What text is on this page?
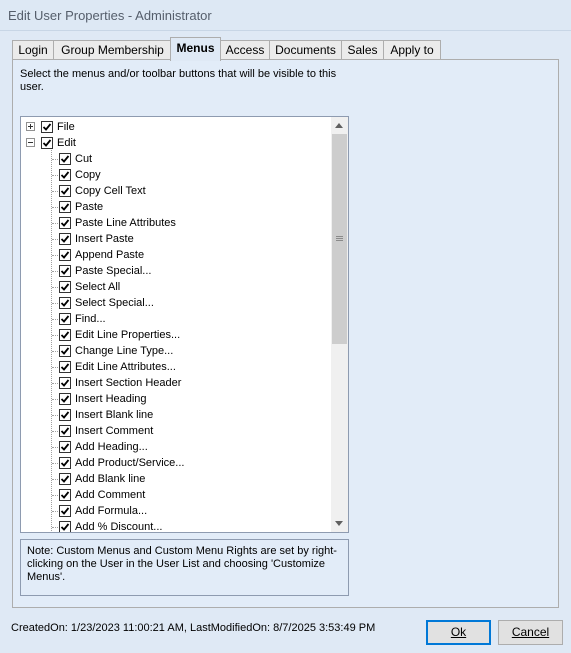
Edit User Properties - Administrator
Login	Group Membership	Menus Access Documents Sales	Apply to
Select the menus and/or toolbar buttons that will be visible to this user.
File
Edit
Cut
Copy
Copy Cell Text
Paste
Paste Line Attributes
Insert Paste
Append Paste
Paste Special...
Select All
Select Special...
Find...
Edit Line Properties...
Change Line Type...
Edit Line Attributes...
Insert Section Header
Insert Heading
Insert Blank line
Insert Comment
Add Heading...
Add Product/Service...
Add Blank line
Add Comment
Add Formula...
Add % Discount...
Note: Custom Menus and Custom Menu Rights are set by right-clicking on the User in the User List and choosing 'Customize Menus'.
CreatedOn: 1/23/2023 11:00:21 AM, LastModifiedOn: 8/7/2025 3:53:49 PM	Ok	Cancel
